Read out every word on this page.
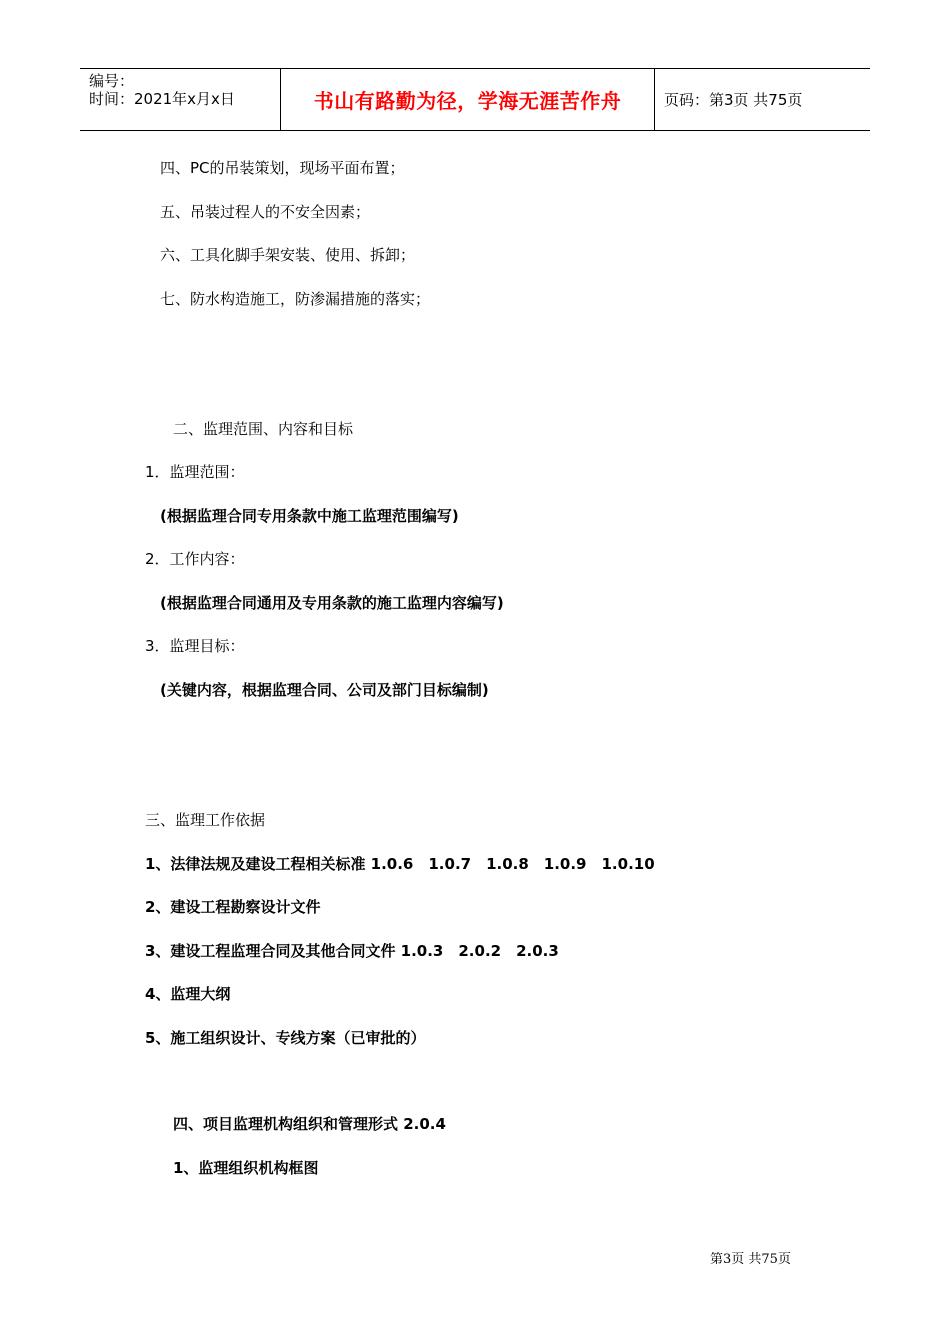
编号：
时间：2021年x月x日	书山有路勤为径，学海无涯苦作舟	页码：第3页 共75页
四、PC的吊装策划，现场平面布置；
五、吊装过程人的不安全因素；
六、工具化脚手架安装、使用、拆卸；
七、防水构造施工，防渗漏措施的落实；
二、监理范围、内容和目标
1．监理范围：
(根据监理合同专用条款中施工监理范围编写)
2．工作内容：
(根据监理合同通用及专用条款的施工监理内容编写)
3．监理目标：
(关键内容，根据监理合同、公司及部门目标编制)
三、监理工作依据
1、法律法规及建设工程相关标准 1.0.6　1.0.7　1.0.8　1.0.9　1.0.10
2、建设工程勘察设计文件
3、建设工程监理合同及其他合同文件 1.0.3　2.0.2　2.0.3
4、监理大纲
5、施工组织设计、专线方案（已审批的）
四、项目监理机构组织和管理形式 2.0.4
1、监理组织机构框图
第3页 共75页
